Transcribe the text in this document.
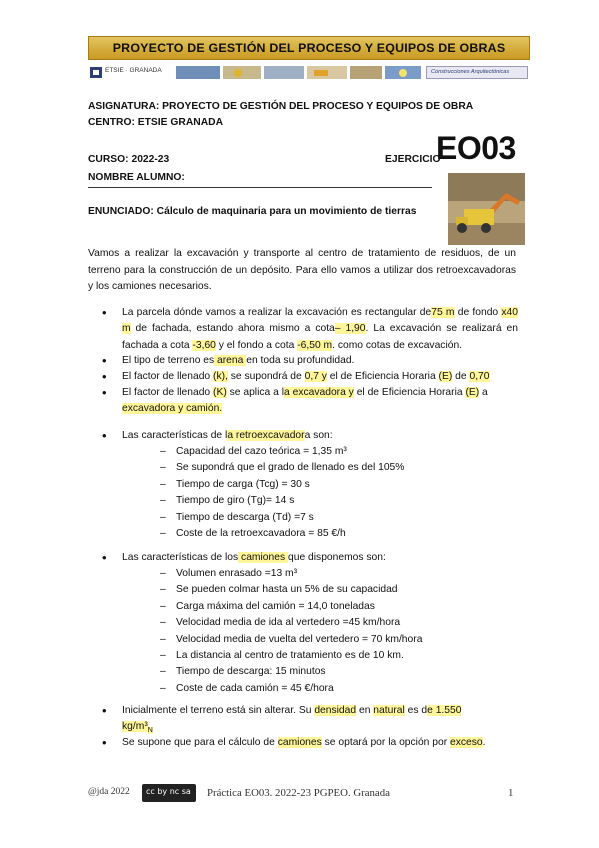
PROYECTO DE GESTIÓN DEL PROCESO Y EQUIPOS DE OBRAS
ETSIE · GRANADA	Construcciones Arquitectónicas
ASIGNATURA: PROYECTO DE GESTIÓN DEL PROCESO Y EQUIPOS DE OBRA
CENTRO: ETSIE GRANADA
CURSO: 2022-23	EJERCICIO
EO03
NOMBRE ALUMNO:
ENUNCIADO: Cálculo de maquinaria para un movimiento de tierras
Vamos a realizar la excavación y transporte al centro de tratamiento de residuos, de un terreno para la construcción de un depósito. Para ello vamos a utilizar dos retroexcavadoras y los camiones necesarios.
• La parcela dónde vamos a realizar la excavación es rectangular de75 m de fondo x40 m de fachada, estando ahora mismo a cota– 1,90. La excavación se realizará en fachada a cota -3,60 y el fondo a cota -6,50 m. como cotas de excavación.
• El tipo de terreno es arena en toda su profundidad.
• El factor de llenado (k), se supondrá de 0,7 y el de Eficiencia Horaria (E) de 0,70
• El factor de llenado (K) se aplica a la excavadora y el de Eficiencia Horaria (E) a excavadora y camión.
• Las características de la retroexcavadora son:
– Capacidad del cazo teórica = 1,35 m³
– Se supondrá que el grado de llenado es del 105%
– Tiempo de carga (Tcg) = 30 s
– Tiempo de giro (Tg)= 14 s
– Tiempo de descarga (Td) =7 s
– Coste de la retroexcavadora = 85 €/h
• Las características de los camiones que disponemos son:
– Volumen enrasado =13 m³
– Se pueden colmar hasta un 5% de su capacidad
– Carga máxima del camión = 14,0 toneladas
– Velocidad media de ida al vertedero =45 km/hora
– Velocidad media de vuelta del vertedero = 70 km/hora
– La distancia al centro de tratamiento es de 10 km.
– Tiempo de descarga: 15 minutos
– Coste de cada camión = 45 €/hora
• Inicialmente el terreno está sin alterar. Su densidad en natural es de 1.550
$kg/m^3_N$
• Se supone que para el cálculo de camiones se optará por la opción por exceso.
@jda 2022 cc by nc sa Práctica EO03. 2022-23 PGPEO. Granada	1
